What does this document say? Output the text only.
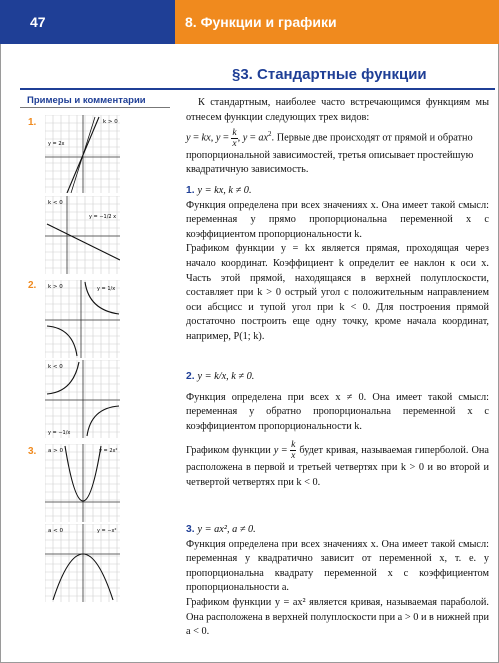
47	8. Функции и графики
§3. Стандартные функции
Примеры и комментарии
1.
2.
3.
k > 0
y = 2x
k < 0
y = −1/2 x
k > 0	y = 1/x
k < 0
y = −1/x
a > 0	y = 2x²
a < 0	y = −x²

К стандартным, наиболее часто встречающимся функциям мы отнесем функции следующих трех видов:

y = kx, $y = \frac{k}{x}$ , $y = ax^2$. Первые две происходят от прямой и обратно пропорциональной зависимостей, третья описывает простейшую квадратичную зависимость.

1. y = kx, k ≠ 0.

Функция определена при всех значениях x. Она имеет такой смысл: переменная y прямо пропорциональна переменной x с коэффициентом пропорциональности k.

Графиком функции y = kx является прямая, проходящая через начало координат. Коэффициент k определит ее наклон к оси x. Часть этой прямой, находящаяся в верхней полуплоскости, составляет при k > 0 острый угол с положительным направлением оси абсцисс и тупой угол при k < 0. Для построения прямой достаточно построить еще одну точку, кроме начала координат, например, P(1; k).

2. y = k/x, k ≠ 0.

Функция определена при всех x ≠ 0. Она имеет такой смысл: переменная y обратно пропорциональна переменной x с коэффициентом пропорциональности k.

Графиком функции $y = \frac{k}{x}$ будет кривая, называемая гиперболой. Она расположена в первой и третьей четвертях при k > 0 и во второй и четвертой четвертях при k < 0.

3. y = ax², a ≠ 0.

Функция определена при всех значениях x. Она имеет такой смысл: переменная y квадратично зависит от переменной x, т. е. y пропорциональна квадрату переменной x с коэффициентом пропорциональности a.

Графиком функции y = ax² является кривая, называемая параболой. Она расположена в верхней полуплоскости при a > 0 и в нижней при a < 0.
